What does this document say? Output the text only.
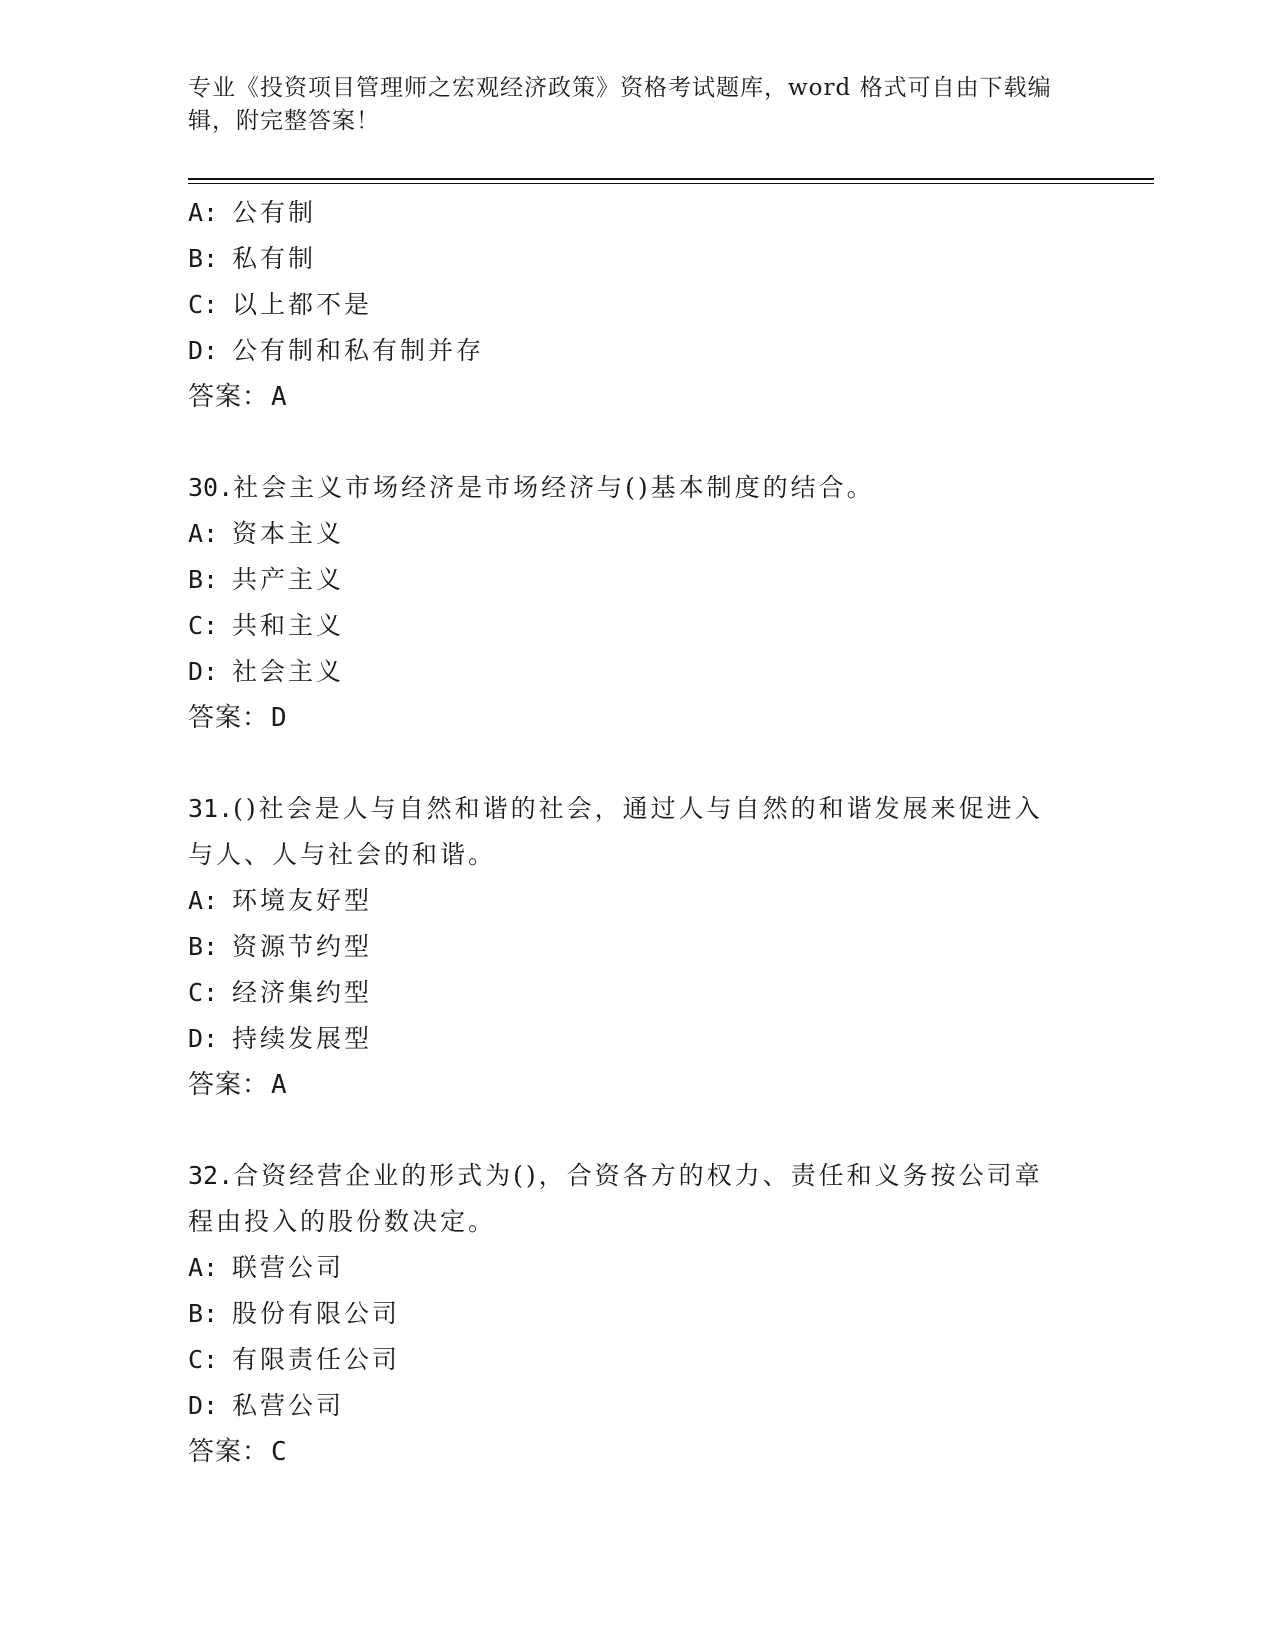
专业《投资项目管理师之宏观经济政策》资格考试题库，word 格式可自由下载编
辑，附完整答案！
A: 公有制
B: 私有制
C: 以上都不是
D: 公有制和私有制并存
答案：A
30.社会主义市场经济是市场经济与()基本制度的结合。
A: 资本主义
B: 共产主义
C: 共和主义
D: 社会主义
答案：D
31.()社会是人与自然和谐的社会，通过人与自然的和谐发展来促进入
与人、人与社会的和谐。
A: 环境友好型
B: 资源节约型
C: 经济集约型
D: 持续发展型
答案：A
32.合资经营企业的形式为()，合资各方的权力、责任和义务按公司章
程由投入的股份数决定。
A: 联营公司
B: 股份有限公司
C: 有限责任公司
D: 私营公司
答案：C
